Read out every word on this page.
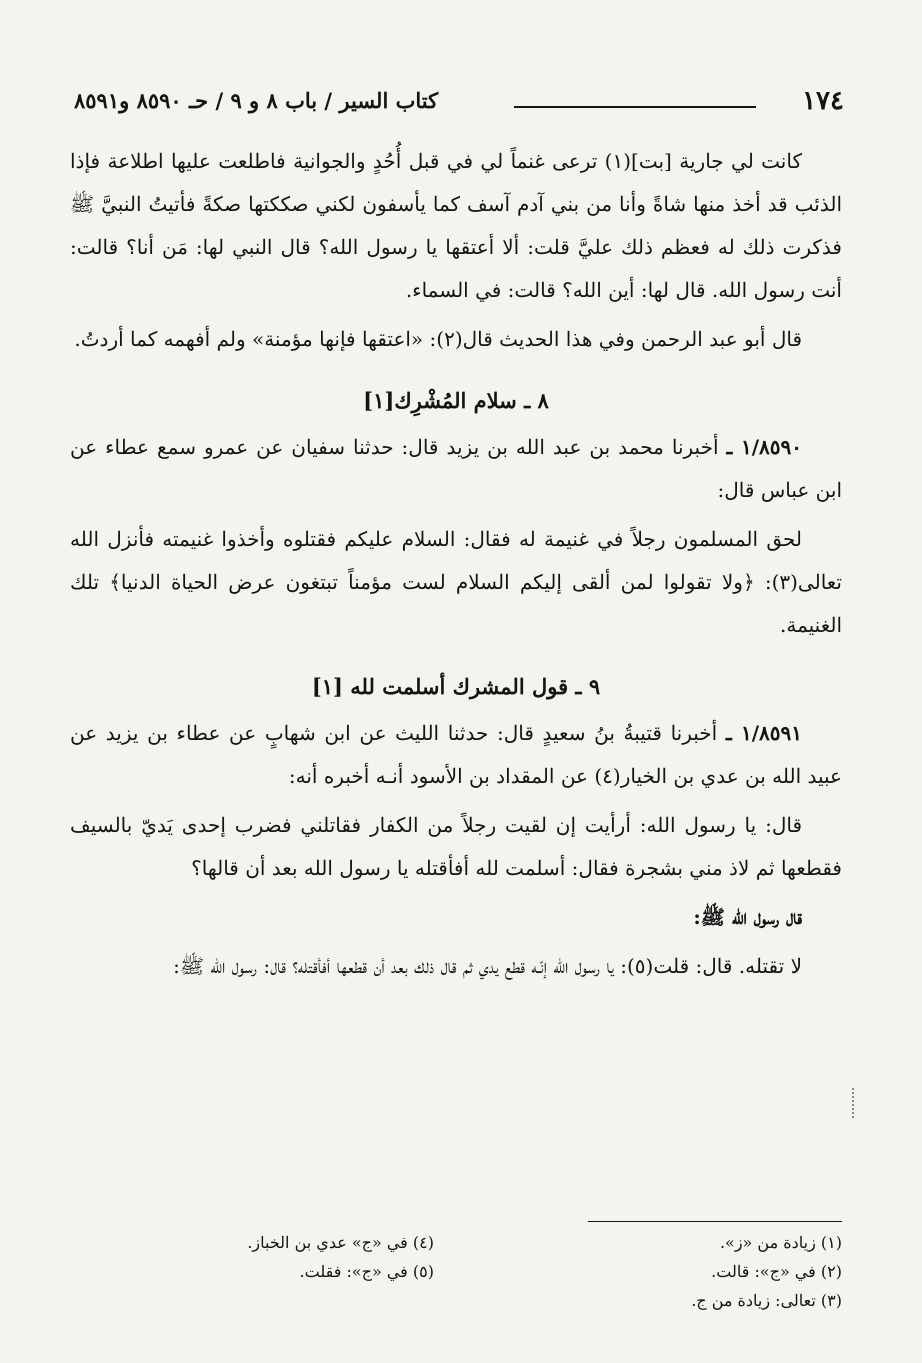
١٧٤
كتاب السير / باب ٨ و ٩ / حـ ٨٥٩٠ و٨٥٩١

كانت لي جارية [بت](١) ترعى غنماً لي في قبل أُحُدٍ والجوانية فاطلعت عليها اطلاعة فإذا الذئب قد أخذ منها شاةً وأنا من بني آدم آسف كما يأسفون لكني صككتها صكةً فأتيتُ النبيَّ ﷺ فذكرت ذلك له فعظم ذلك عليَّ قلت: ألا أعتقها يا رسول الله؟ قال النبي لها: مَن أنا؟ قالت: أنت رسول الله. قال لها: أين الله؟ قالت: في السماء.

قال أبو عبد الرحمن وفي هذا الحديث قال(٢): «اعتقها فإنها مؤمنة» ولم أفهمه كما أردتُ.

٨ ـ سلام المُشْرِك[١]

١/٨٥٩٠ ـ أخبرنا محمد بن عبد الله بن يزيد قال: حدثنا سفيان عن عمرو سمع عطاء عن ابن عباس قال:

لحق المسلمون رجلاً في غنيمة له فقال: السلام عليكم فقتلوه وأخذوا غنيمته فأنزل الله تعالى(٣): ﴿ولا تقولوا لمن ألقى إليكم السلام لست مؤمناً تبتغون عرض الحياة الدنيا﴾ تلك الغنيمة.

٩ ـ قول المشرك أسلمت لله [١]

١/٨٥٩١ ـ أخبرنا قتيبةُ بنُ سعيدٍ قال: حدثنا الليث عن ابن شهابٍ عن عطاء بن يزيد عن عبيد الله بن عدي بن الخيار(٤) عن المقداد بن الأسود أنـه أخبره أنه:

قال: يا رسول الله: أرأيت إن لقيت رجلاً من الكفار فقاتلني فضرب إحدى يَديّ بالسيف فقطعها ثم لاذ مني بشجرة فقال: أسلمت لله أفأقتله يا رسول الله بعد أن قالها؟

قال رسول الله ﷺ:

لا تقتله. قال: قلت(٥): يا رسول الله إنّـه قطع يدي ثم قال ذلك بعد أن قطعها أفأقتله؟ قال: رسول الله ﷺ:

(١) زيادة من «ز».
(٢) في «ج»: قالت.
(٣) تعالى: زيادة من ج.
(٤) في «ج» عدي بن الخباز.
(٥) في «ج»: فقلت.
